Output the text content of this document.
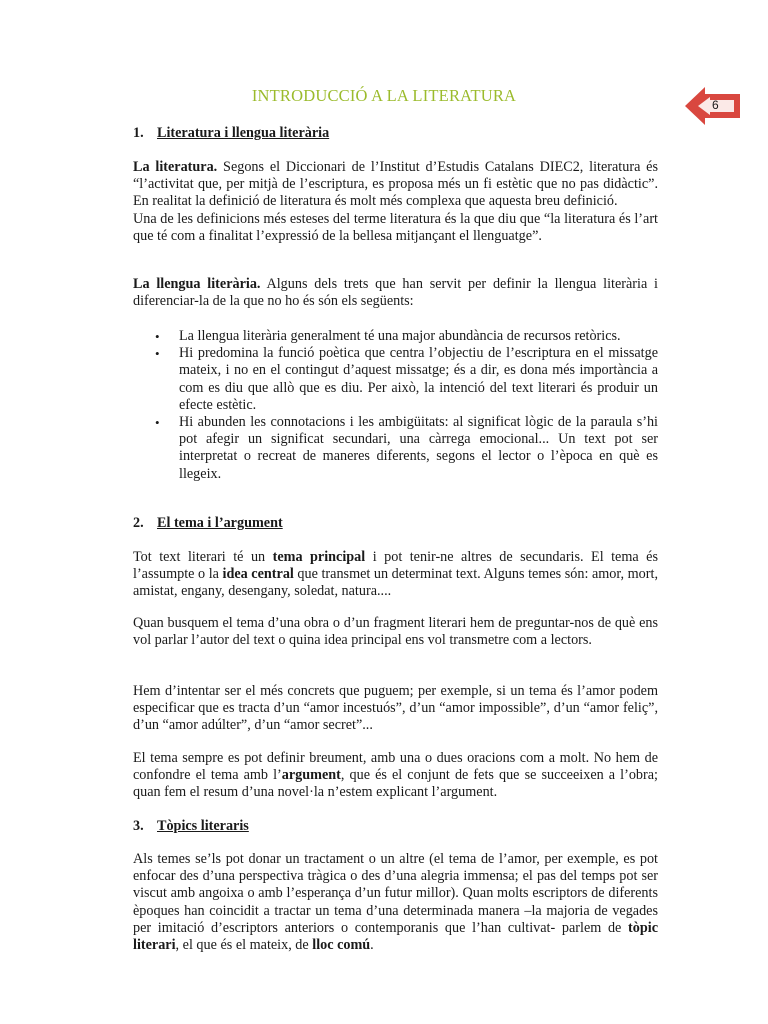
INTRODUCCIÓ A LA LITERATURA	6
1. Literatura i llengua literària

La literatura. Segons el Diccionari de l’Institut d’Estudis Catalans DIEC2, literatura és “l’activitat que, per mitjà de l’escriptura, es proposa més un fi estètic que no pas didàctic”. En realitat la definició de literatura és molt més complexa que aquesta breu definició.

Una de les definicions més esteses del terme literatura és la que diu que “la literatura és l’art que té com a finalitat l’expressió de la bellesa mitjançant el llenguatge”.

La llengua literària. Alguns dels trets que han servit per definir la llengua literària i diferenciar-la de la que no ho és són els següents:

• La llengua literària generalment té una major abundància de recursos retòrics.
• Hi predomina la funció poètica que centra l’objectiu de l’escriptura en el missatge mateix, i no en el contingut d’aquest missatge; és a dir, es dona més importància a com es diu que allò que es diu. Per això, la intenció del text literari és produir un efecte estètic.
• Hi abunden les connotacions i les ambigüitats: al significat lògic de la paraula s’hi pot afegir un significat secundari, una càrrega emocional... Un text pot ser interpretat o recreat de maneres diferents, segons el lector o l’època en què es llegeix.
2. El tema i l’argument

Tot text literari té un tema principal i pot tenir-ne altres de secundaris. El tema és l’assumpte o la idea central que transmet un determinat text. Alguns temes són: amor, mort, amistat, engany, desengany, soledat, natura....

Quan busquem el tema d’una obra o d’un fragment literari hem de preguntar-nos de què ens vol parlar l’autor del text o quina idea principal ens vol transmetre com a lectors.

Hem d’intentar ser el més concrets que puguem; per exemple, si un tema és l’amor podem especificar que es tracta d’un “amor incestuós”, d’un “amor impossible”, d’un “amor feliç”, d’un “amor adúlter”, d’un “amor secret”...

El tema sempre es pot definir breument, amb una o dues oracions com a molt. No hem de confondre el tema amb l’argument, que és el conjunt de fets que se succeeixen a l’obra; quan fem el resum d’una novel·la n’estem explicant l’argument.

3. Tòpics literaris

Als temes se’ls pot donar un tractament o un altre (el tema de l’amor, per exemple, es pot enfocar des d’una perspectiva tràgica o des d’una alegria immensa; el pas del temps pot ser viscut amb angoixa o amb l’esperança d’un futur millor). Quan molts escriptors de diferents èpoques han coincidit a tractar un tema d’una determinada manera –la majoria de vegades per imitació d’escriptors anteriors o contemporanis que l’han cultivat- parlem de tòpic literari, el que és el mateix, de lloc comú.
